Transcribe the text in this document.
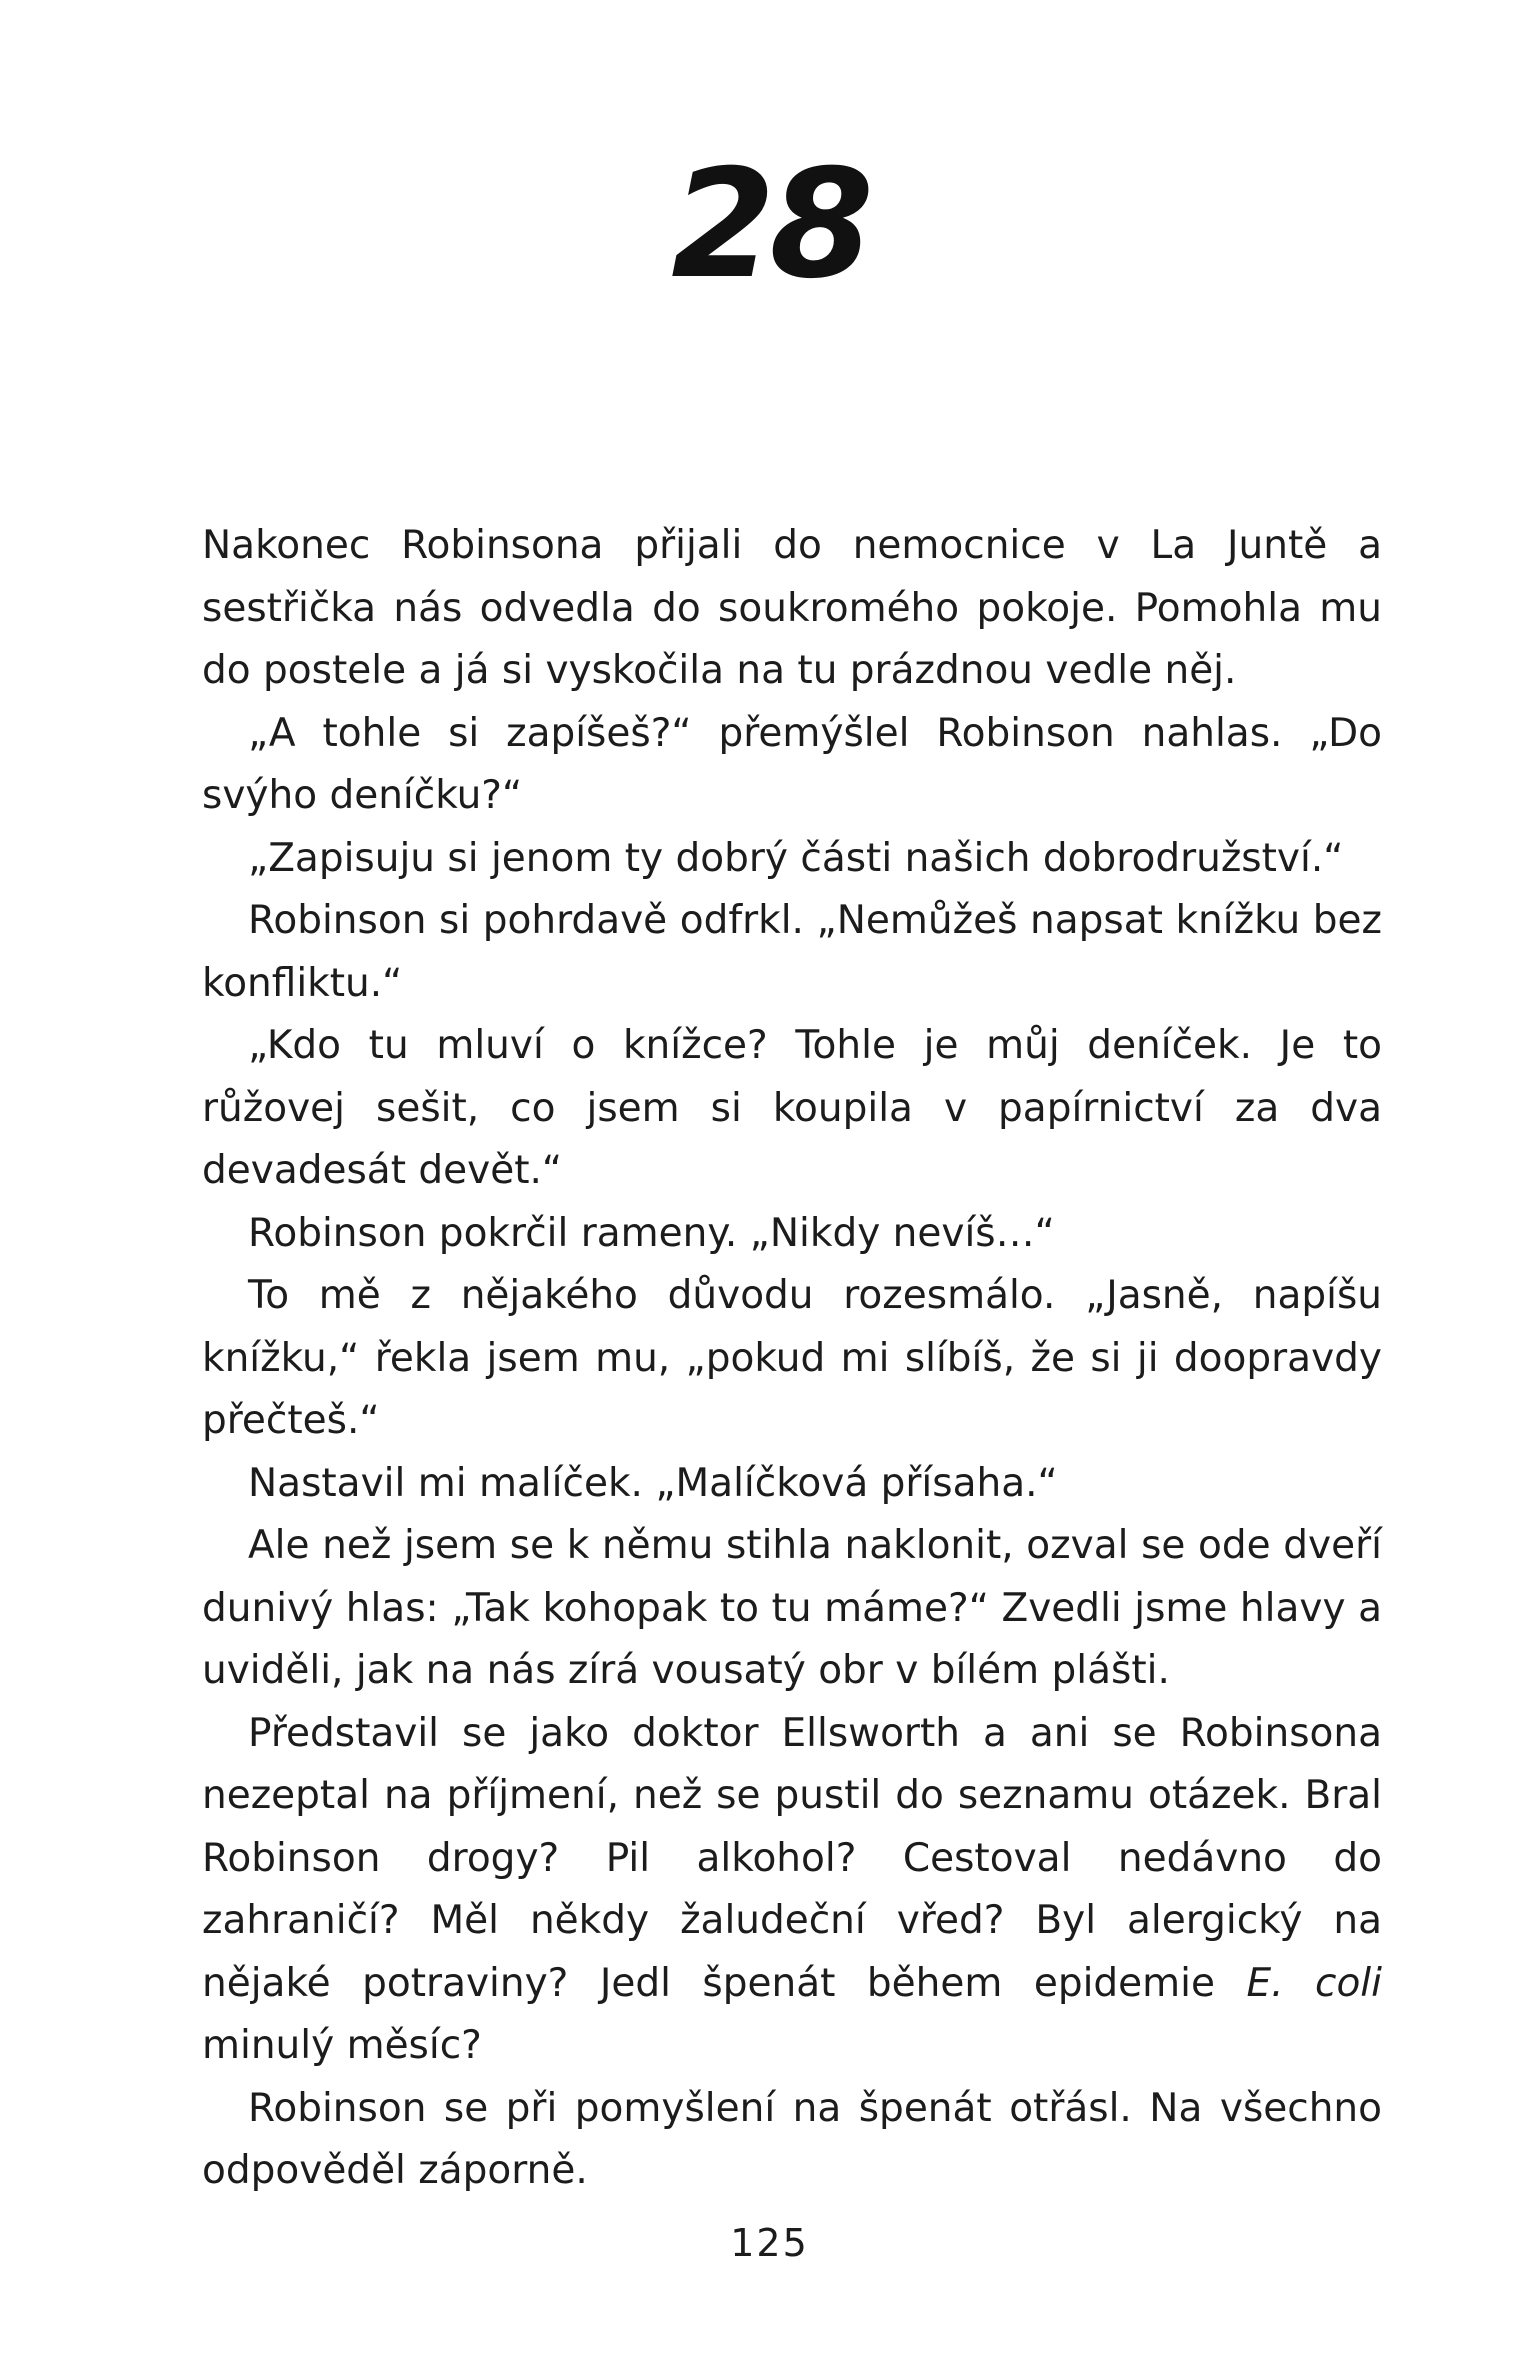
28

Nakonec Robinsona přijali do nemocnice v La Juntě a sestřička nás odvedla do soukromého pokoje. Pomohla mu do postele a já si vyskočila na tu prázdnou vedle něj.

„A tohle si zapíšeš?“ přemýšlel Robinson nahlas. „Do svýho deníčku?“

„Zapisuju si jenom ty dobrý části našich dobrodružství.“

Robinson si pohrdavě odfrkl. „Nemůžeš napsat knížku bez konfliktu.“

„Kdo tu mluví o knížce? Tohle je můj deníček. Je to růžovej sešit, co jsem si koupila v papírnictví za dva devadesát devět.“

Robinson pokrčil rameny. „Nikdy nevíš…“

To mě z nějakého důvodu rozesmálo. „Jasně, napíšu knížku,“ řekla jsem mu, „pokud mi slíbíš, že si ji doopravdy přečteš.“

Nastavil mi malíček. „Malíčková přísaha.“

Ale než jsem se k němu stihla naklonit, ozval se ode dveří dunivý hlas: „Tak kohopak to tu máme?“ Zvedli jsme hlavy a uviděli, jak na nás zírá vousatý obr v bílém plášti.

Představil se jako doktor Ellsworth a ani se Robinsona nezeptal na příjmení, než se pustil do seznamu otázek. Bral Robinson drogy? Pil alkohol? Cestoval nedávno do zahraničí? Měl někdy žaludeční vřed? Byl alergický na nějaké potraviny? Jedl špenát během epidemie E. coli minulý měsíc?

Robinson se při pomyšlení na špenát otřásl. Na všechno odpověděl záporně.

125
